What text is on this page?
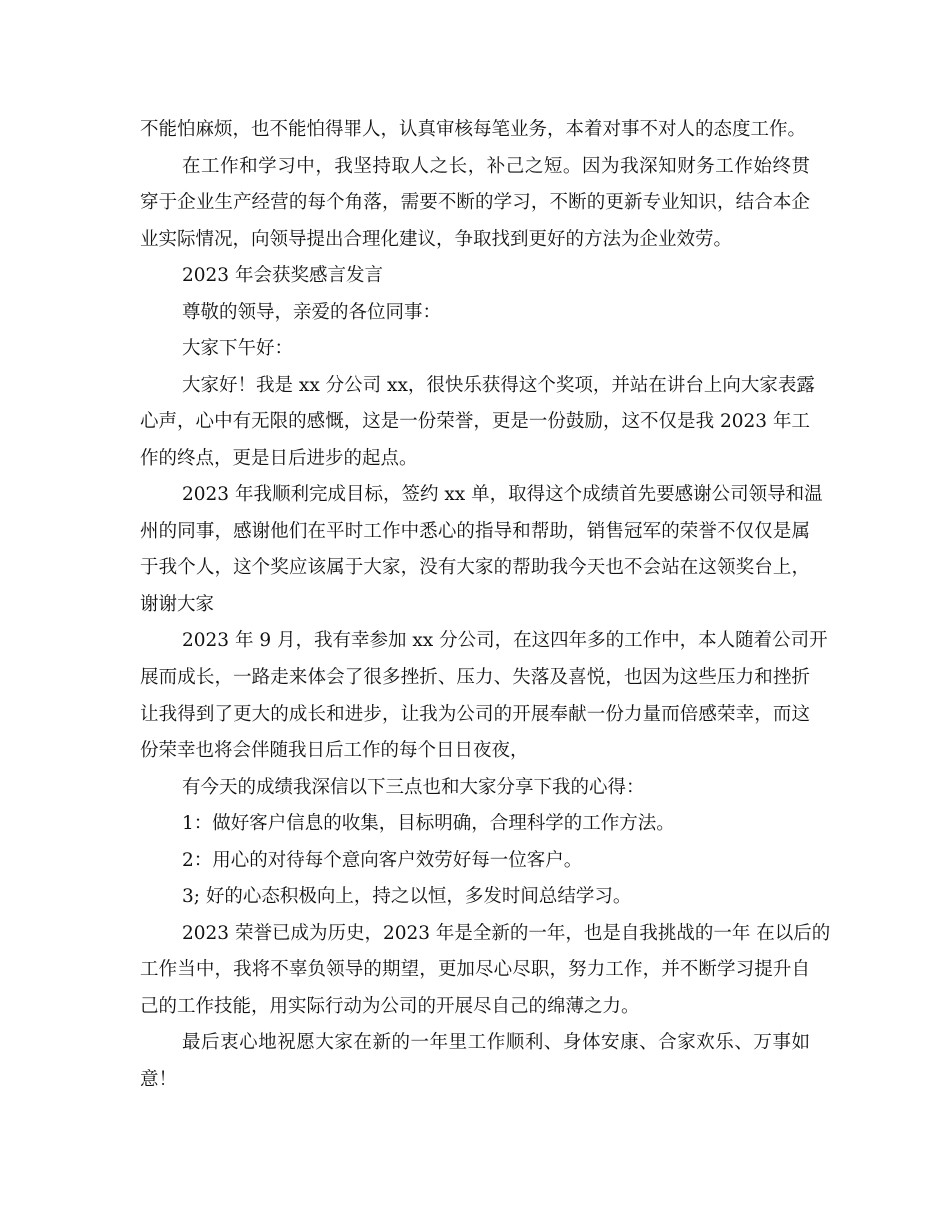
不能怕麻烦，也不能怕得罪人，认真审核每笔业务，本着对事不对人的态度工作。
在工作和学习中，我坚持取人之长，补己之短。因为我深知财务工作始终贯
穿于企业生产经营的每个角落，需要不断的学习，不断的更新专业知识，结合本企
业实际情况，向领导提出合理化建议，争取找到更好的方法为企业效劳。
2023 年会获奖感言发言
尊敬的领导，亲爱的各位同事：
大家下午好：
大家好！我是 xx 分公司 xx，很快乐获得这个奖项，并站在讲台上向大家表露
心声，心中有无限的感慨，这是一份荣誉，更是一份鼓励，这不仅是我 2023 年工
作的终点，更是日后进步的起点。
2023 年我顺利完成目标，签约 xx 单，取得这个成绩首先要感谢公司领导和温
州的同事，感谢他们在平时工作中悉心的指导和帮助，销售冠军的荣誉不仅仅是属
于我个人，这个奖应该属于大家，没有大家的帮助我今天也不会站在这领奖台上，
谢谢大家
2023 年 9 月，我有幸参加 xx 分公司，在这四年多的工作中，本人随着公司开
展而成长，一路走来体会了很多挫折、压力、失落及喜悦，也因为这些压力和挫折
让我得到了更大的成长和进步，让我为公司的开展奉献一份力量而倍感荣幸，而这
份荣幸也将会伴随我日后工作的每个日日夜夜，
有今天的成绩我深信以下三点也和大家分享下我的心得：
1：做好客户信息的收集，目标明确，合理科学的工作方法。
2：用心的对待每个意向客户效劳好每一位客户。
3; 好的心态积极向上，持之以恒，多发时间总结学习。
2023 荣誉已成为历史，2023 年是全新的一年，也是自我挑战的一年 在以后的
工作当中，我将不辜负领导的期望，更加尽心尽职，努力工作，并不断学习提升自
己的工作技能，用实际行动为公司的开展尽自己的绵薄之力。
最后衷心地祝愿大家在新的一年里工作顺利、身体安康、合家欢乐、万事如
意！
